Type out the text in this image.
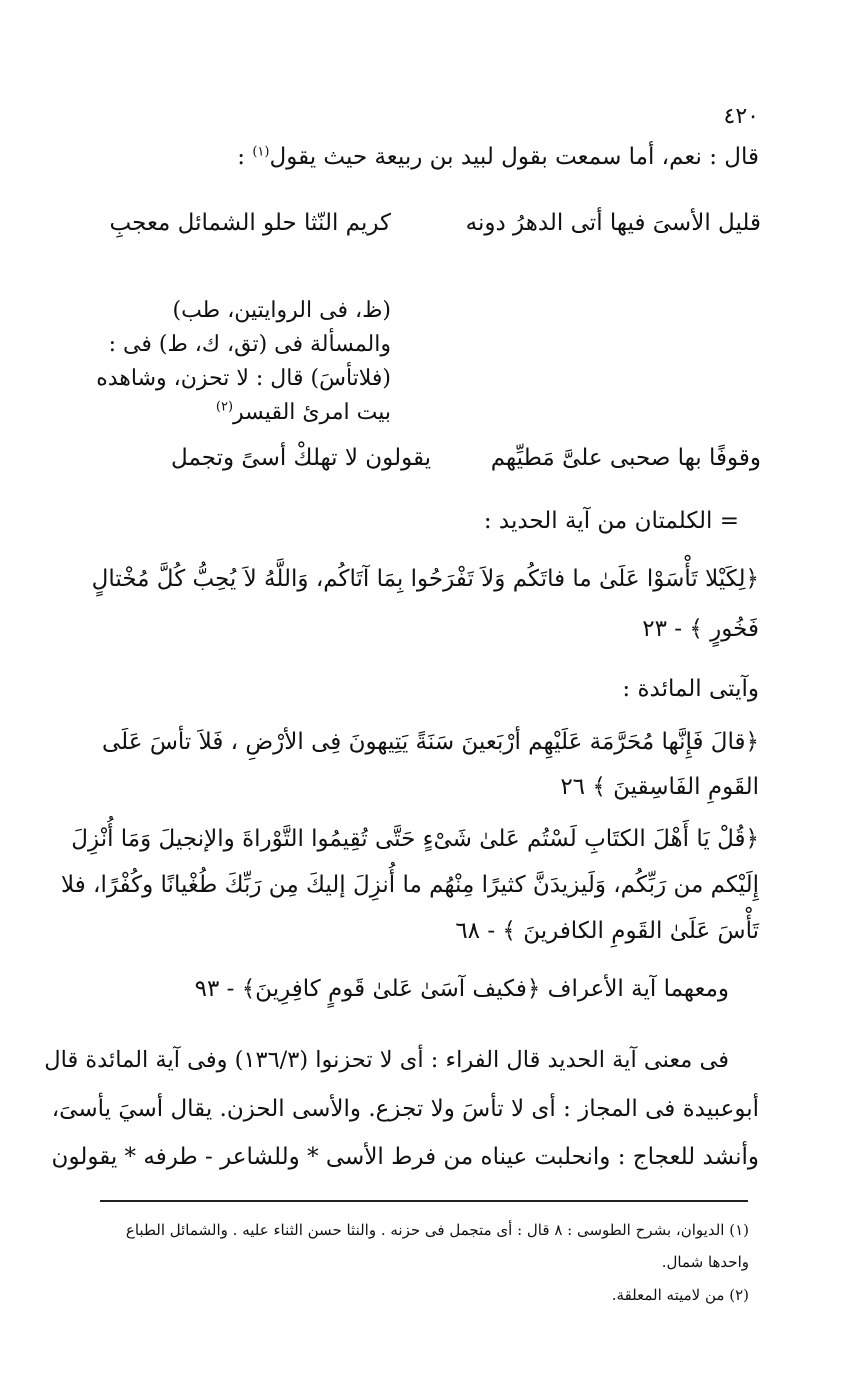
٤٢٠
قال : نعم، أما سمعت بقول لبيد بن ربيعة حيث يقول$^{(١)}$ :
قليل الأسىَ فيها أتى الدهرُ دونه
كريم النّثا حلو الشمائل معجبِ
(ظ، فى الروايتين، طب)
والمسألة فى (تق، ك، ط) فى :
(فلاتأسَ) قال : لا تحزن، وشاهده
بيت امرئ القيسر$^{(٢)}$
وقوفًا بها صحبى علىَّ مَطيِّهم
يقولون لا تهلكْ أسىً وتجمل
= الكلمتان من آية الحديد :
﴿لِكَيْلا تَأْسَوْا عَلَىٰ ما فاتَكُم وَلاَ تَفْرَحُوا بِمَا آتَاكُم، وَاللَّهُ لاَ يُحِبُّ كُلَّ مُخْتالٍ
فَخُورٍ ﴾ - ٢٣
وآيتى المائدة :
﴿قالَ فَإِنَّها مُحَرَّمَة عَلَيْهِم أرْبَعينَ سَنَةً يَتِيهونَ فِى الأرْضِ ، فَلاَ تأسَ عَلَى
القَومِ الفَاسِقينَ ﴾ ٢٦
﴿قُلْ يَا أَهْلَ الكتَابِ لَسْتُم عَلىٰ شَىْءٍ حَتَّى تُقِيمُوا التَّوْراةَ والإنجيلَ وَمَا أُنْزِلَ
إِلَيْكم من رَبِّكُم، وَلَيزيدَنَّ كثيرًا مِنْهُم ما أُنزِلَ إليكَ مِن رَبِّكَ طُغْيانًا وكُفْرًا، فلا
تَأْسَ عَلَىٰ القَومِ الكافرينَ ﴾ - ٦٨
ومعهما آية الأعراف ﴿فكيف آسَىٰ عَلىٰ قَومٍ كافِرِينَ﴾ - ٩٣
فى معنى آية الحديد قال الفراء : أى لا تحزنوا (١٣٦/٣) وفى آية المائدة قال
أبوعبيدة فى المجاز : أى لا تأسَ ولا تجزع. والأسى الحزن. يقال أسيَ يأسىَ،
وأنشد للعجاج : وانحلبت عيناه من فرط الأسى * وللشاعر - طرفه * يقولون
(١) الديوان، بشرح الطوسى : ٨ قال : أى متجمل فى حزنه . والنثا حسن الثناء عليه . والشمائل الطباع
واحدها شمال.
(٢) من لاميته المعلقة.
